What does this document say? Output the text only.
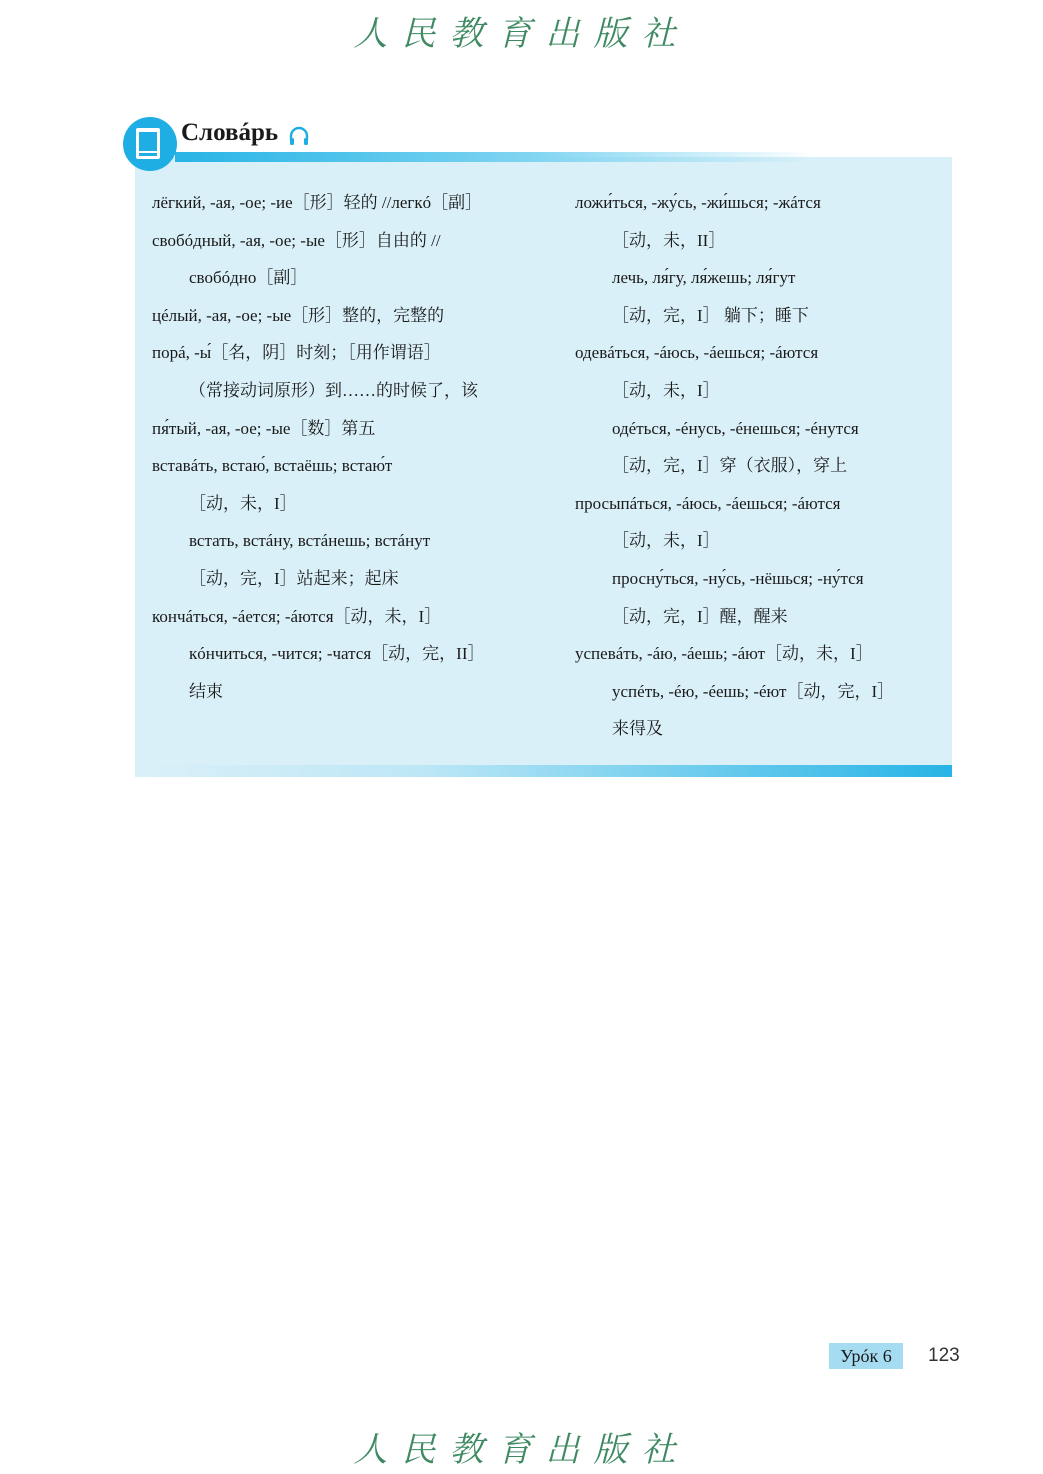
人民教育出版社
Словáрь
лёгкий, -ая, -ое; -ие［形］轻的 //легкó［副］
свобóдный, -ая, -ое; -ые［形］自由的 //
свобóдно［副］
цéлый, -ая, -ое; -ые［形］整的，完整的
порá, -ы́［名，阴］时刻；［用作谓语］
（常接动词原形）到……的时候了，该
пя́тый, -ая, -ое; -ые［数］第五
вставáть, встаю́, встаёшь; встаю́т
［动，未，I］
встать, встáну, встáнешь; встáнут
［动，完，I］站起来；起床
кончáться, -áется; -áются［动，未，I］
кóнчиться, -чится; -чатся［动，完，II］
结束
ложи́ться, -жу́сь, -жи́шься; -жáтся
［动，未，II］
лечь, ля́гу, ля́жешь; ля́гут
［动，完，I］ 躺下；睡下
одевáться, -áюсь, -áешься; -áются
［动，未，I］
одéться, -éнусь, -éнешься; -éнутся
［动，完，I］穿（衣服），穿上
просыпáться, -áюсь, -áешься; -áются
［动，未，I］
просну́ться, -ну́сь, -нёшься; -ну́тся
［动，完，I］醒，醒来
успевáть, -áю, -áешь; -áют［动，未，I］
успéть, -éю, -éешь; -éют［动，完，I］
来得及
Урóк 6	123
人民教育出版社
